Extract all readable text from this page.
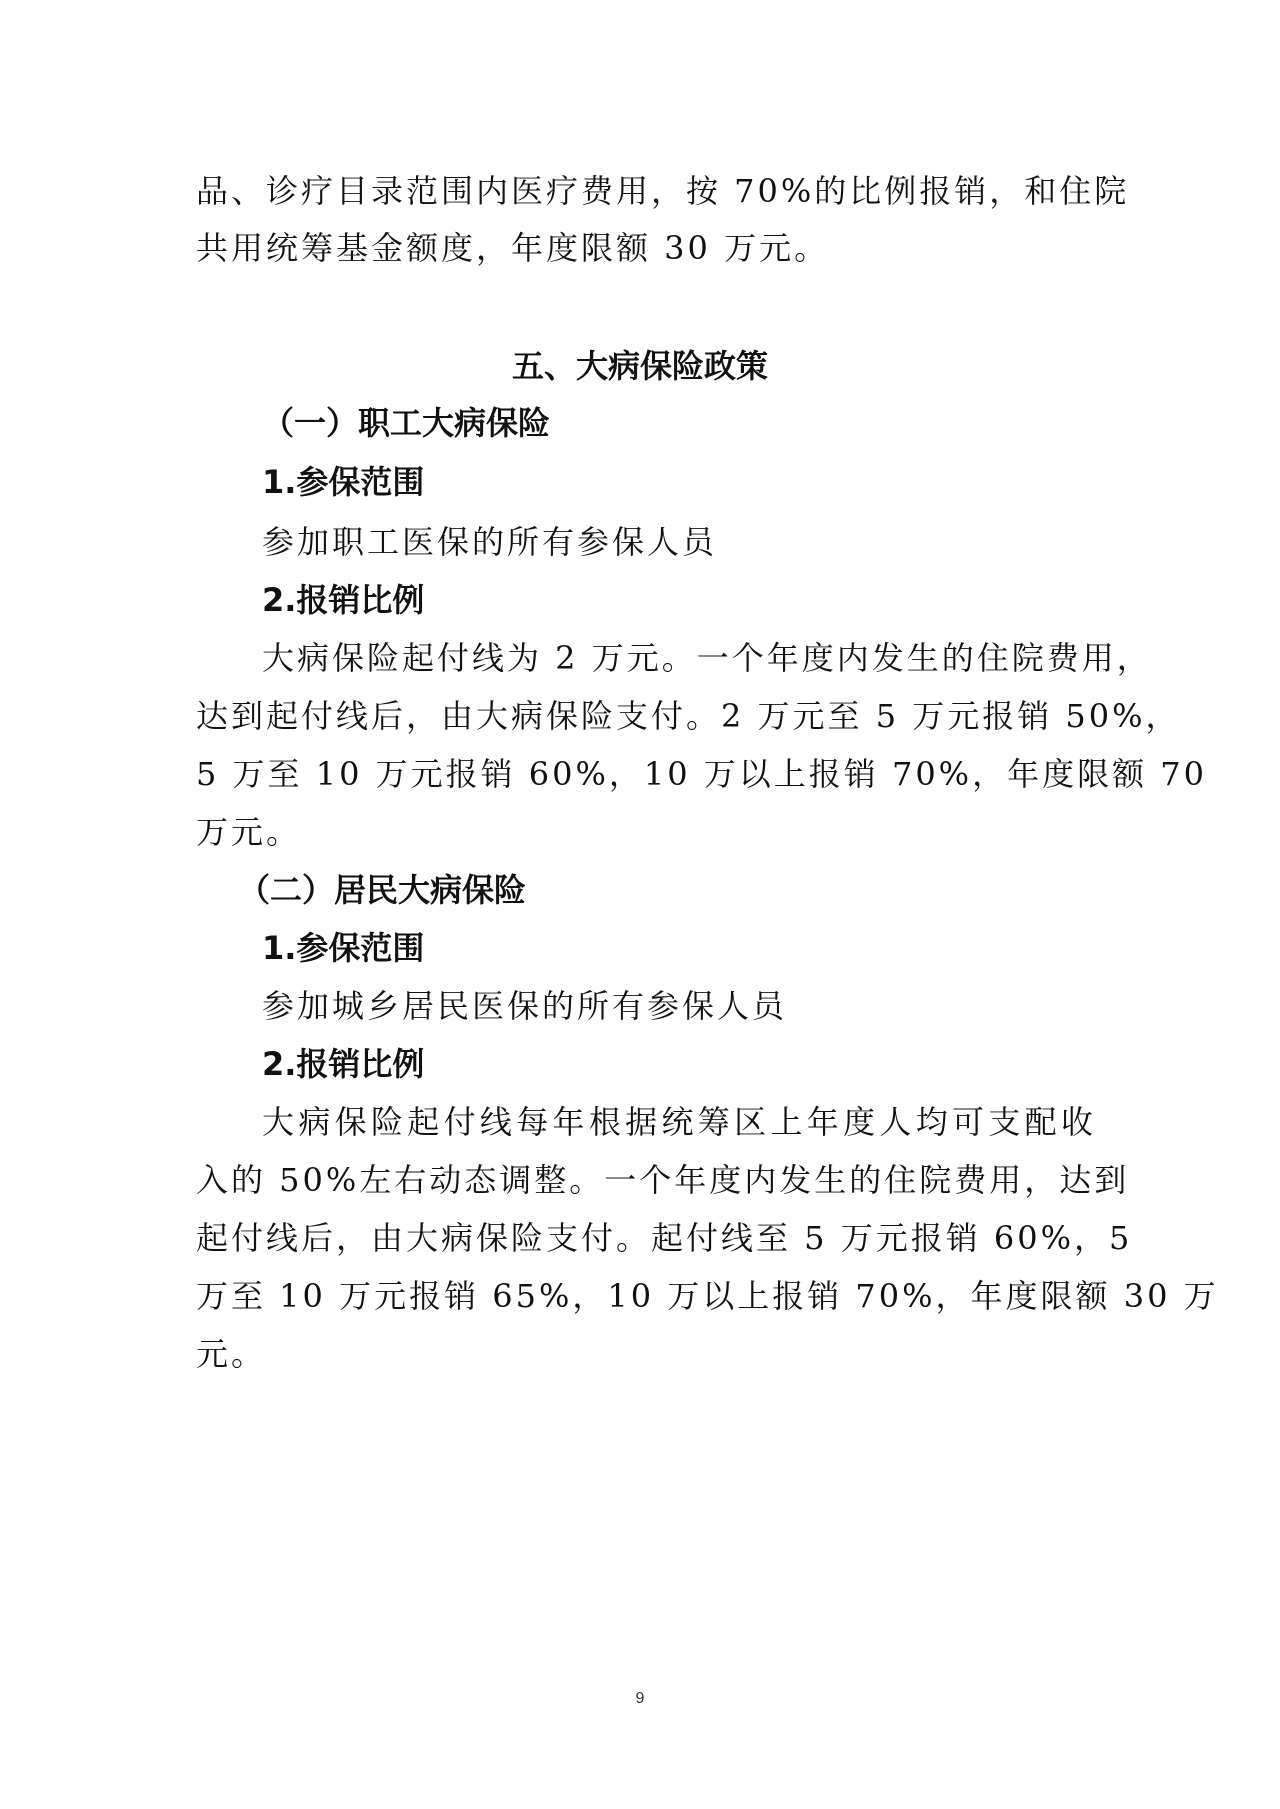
品、诊疗目录范围内医疗费用，按 70%的比例报销，和住院
共用统筹基金额度，年度限额 30 万元。
五、大病保险政策
（一）职工大病保险
1.参保范围
参加职工医保的所有参保人员
2.报销比例
大病保险起付线为 2 万元。一个年度内发生的住院费用，
达到起付线后，由大病保险支付。2 万元至 5 万元报销 50%，
5 万至 10 万元报销 60%，10 万以上报销 70%，年度限额 70
万元。
（二）居民大病保险
1.参保范围
参加城乡居民医保的所有参保人员
2.报销比例
大病保险起付线每年根据统筹区上年度人均可支配收
入的 50%左右动态调整。一个年度内发生的住院费用，达到
起付线后，由大病保险支付。起付线至 5 万元报销 60%，5
万至 10 万元报销 65%，10 万以上报销 70%，年度限额 30 万
元。
9
